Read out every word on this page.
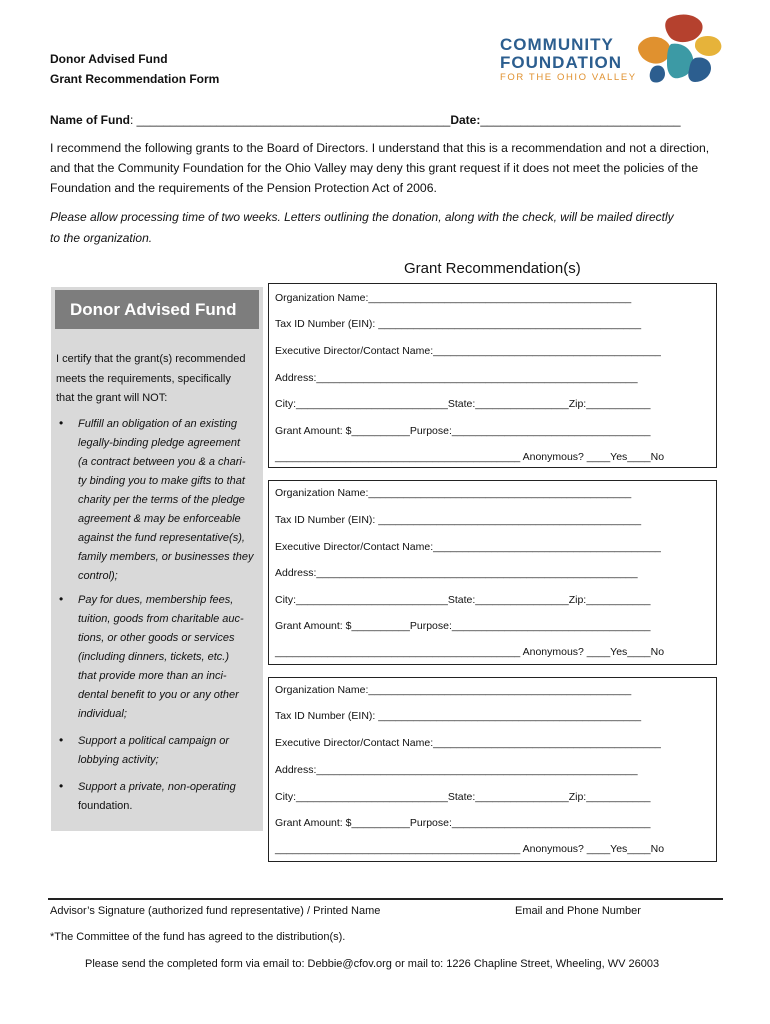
Donor Advised Fund
Grant Recommendation Form
COMMUNITY
FOUNDATION
FOR THE OHIO VALLEY
Name of Fund: _______________________________________________Date:______________________________
I recommend the following grants to the Board of Directors. I understand that this is a recommendation and not a direction, and that the Community Foundation for the Ohio Valley may deny this grant request if it does not meet the policies of the Foundation and the requirements of the Pension Protection Act of 2006.
Please allow processing time of two weeks. Letters outlining the donation, along with the check, will be mailed directly
to the organization.
Grant Recommendation(s)
Donor Advised Fund
I certify that the grant(s) recommended
meets the requirements, specifically
that the grant will NOT:
• Fulfill an obligation of an existing
legally-binding pledge agreement
(a contract between you & a chari-
ty binding you to make gifts to that
charity per the terms of the pledge
agreement & may be enforceable
against the fund representative(s),
family members, or businesses they
control);
• Pay for dues, membership fees,
tuition, goods from charitable auc-
tions, or other goods or services
(including dinners, tickets, etc.)
that provide more than an inci-
dental benefit to you or any other
individual;
• Support a political campaign or
lobbying activity;
• Support a private, non-operating
foundation.
Organization Name:_____________________________________________
Tax ID Number (EIN): _____________________________________________
Executive Director/Contact Name:_______________________________________
Address:_______________________________________________________
City:__________________________State:________________Zip:___________
Grant Amount: $__________Purpose:__________________________________
__________________________________________ Anonymous? ____Yes____No
Organization Name:_____________________________________________
Tax ID Number (EIN): _____________________________________________
Executive Director/Contact Name:_______________________________________
Address:_______________________________________________________
City:__________________________State:________________Zip:___________
Grant Amount: $__________Purpose:__________________________________
__________________________________________ Anonymous? ____Yes____No
Organization Name:_____________________________________________
Tax ID Number (EIN): _____________________________________________
Executive Director/Contact Name:_______________________________________
Address:_______________________________________________________
City:__________________________State:________________Zip:___________
Grant Amount: $__________Purpose:__________________________________
__________________________________________ Anonymous? ____Yes____No
Advisor’s Signature (authorized fund representative) / Printed Name	Email and Phone Number
*The Committee of the fund has agreed to the distribution(s).
Please send the completed form via email to: Debbie@cfov.org or mail to: 1226 Chapline Street, Wheeling, WV 26003
